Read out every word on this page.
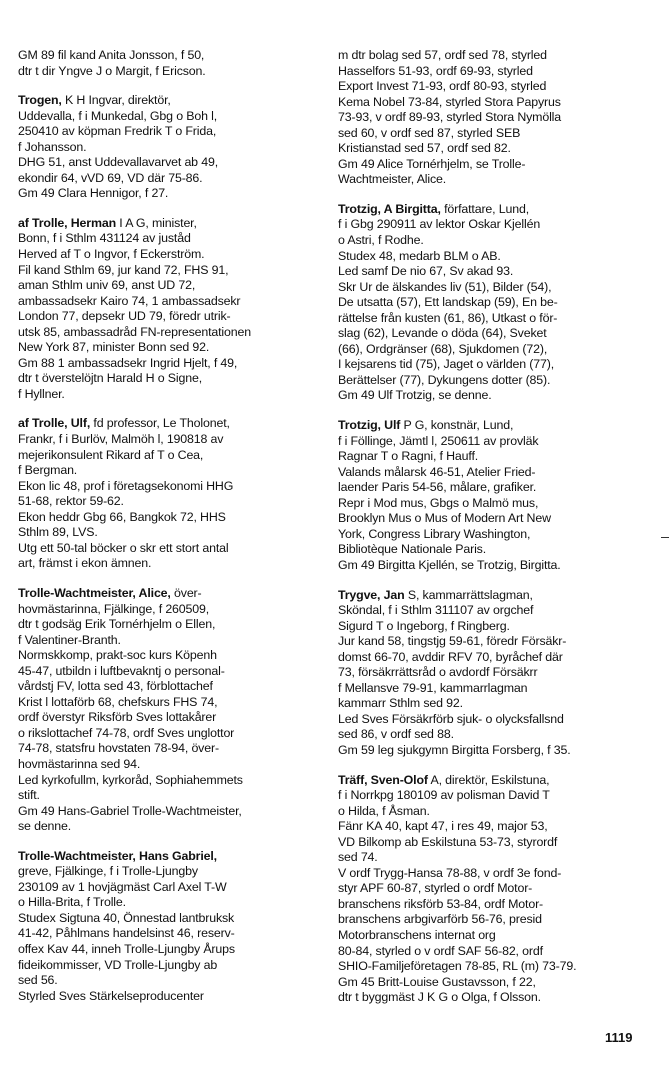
GM 89 fil kand Anita Jonsson, f 50,
dtr t dir Yngve J o Margit, f Ericson.
Trogen, K H Ingvar, direktör,
Uddevalla, f i Munkedal, Gbg o Boh l,
250410 av köpman Fredrik T o Frida,
f Johansson.
DHG 51, anst Uddevallavarvet ab 49,
ekondir 64, vVD 69, VD där 75-86.
Gm 49 Clara Hennigor, f 27.
af Trolle, Herman I A G, minister,
Bonn, f i Sthlm 431124 av juståd
Herved af T o Ingvor, f Eckerström.
Fil kand Sthlm 69, jur kand 72, FHS 91,
aman Sthlm univ 69, anst UD 72,
ambassadsekr Kairo 74, 1 ambassadsekr
London 77, depsekr UD 79, föredr utrik-
utsk 85, ambassadråd FN-representationen
New York 87, minister Bonn sed 92.
Gm 88 1 ambassadsekr Ingrid Hjelt, f 49,
dtr t överstelöjtn Harald H o Signe,
f Hyllner.
af Trolle, Ulf, fd professor, Le Tholonet,
Frankr, f i Burlöv, Malmöh l, 190818 av
mejerikonsulent Rikard af T o Cea,
f Bergman.
Ekon lic 48, prof i företagsekonomi HHG
51-68, rektor 59-62.
Ekon heddr Gbg 66, Bangkok 72, HHS
Sthlm 89, LVS.
Utg ett 50-tal böcker o skr ett stort antal
art, främst i ekon ämnen.
Trolle-Wachtmeister, Alice, över-
hovmästarinna, Fjälkinge, f 260509,
dtr t godsäg Erik Tornérhjelm o Ellen,
f Valentiner-Branth.
Normskkomp, prakt-soc kurs Köpenh
45-47, utbildn i luftbevakntj o personal-
vårdstj FV, lotta sed 43, förblottachef
Krist l lottaförb 68, chefskurs FHS 74,
ordf överstyr Riksförb Sves lottakårer
o rikslottachef 74-78, ordf Sves unglottor
74-78, statsfru hovstaten 78-94, över-
hovmästarinna sed 94.
Led kyrkofullm, kyrkoråd, Sophiahemmets
stift.
Gm 49 Hans-Gabriel Trolle-Wachtmeister,
se denne.
Trolle-Wachtmeister, Hans Gabriel,
greve, Fjälkinge, f i Trolle-Ljungby
230109 av 1 hovjägmäst Carl Axel T-W
o Hilla-Brita, f Trolle.
Studex Sigtuna 40, Önnestad lantbruksk
41-42, Påhlmans handelsinst 46, reserv-
offex Kav 44, inneh Trolle-Ljungby Årups
fideikommisser, VD Trolle-Ljungby ab
sed 56.
Styrled Sves Stärkelseproducenter
m dtr bolag sed 57, ordf sed 78, styrled
Hasselfors 51-93, ordf 69-93, styrled
Export Invest 71-93, ordf 80-93, styrled
Kema Nobel 73-84, styrled Stora Papyrus
73-93, v ordf 89-93, styrled Stora Nymölla
sed 60, v ordf sed 87, styrled SEB
Kristianstad sed 57, ordf sed 82.
Gm 49 Alice Tornérhjelm, se Trolle-
Wachtmeister, Alice.
Trotzig, A Birgitta, författare, Lund,
f i Gbg 290911 av lektor Oskar Kjellén
o Astri, f Rodhe.
Studex 48, medarb BLM o AB.
Led samf De nio 67, Sv akad 93.
Skr Ur de älskandes liv (51), Bilder (54),
De utsatta (57), Ett landskap (59), En be-
rättelse från kusten (61, 86), Utkast o för-
slag (62), Levande o döda (64), Sveket
(66), Ordgränser (68), Sjukdomen (72),
I kejsarens tid (75), Jaget o världen (77),
Berättelser (77), Dykungens dotter (85).
Gm 49 Ulf Trotzig, se denne.
Trotzig, Ulf P G, konstnär, Lund,
f i Föllinge, Jämtl l, 250611 av provläk
Ragnar T o Ragni, f Hauff.
Valands målarsk 46-51, Atelier Fried-
laender Paris 54-56, målare, grafiker.
Repr i Mod mus, Gbgs o Malmö mus,
Brooklyn Mus o Mus of Modern Art New
York, Congress Library Washington,
Bibliotèque Nationale Paris.
Gm 49 Birgitta Kjellén, se Trotzig, Birgitta.
Trygve, Jan S, kammarrättslagman,
Sköndal, f i Sthlm 311107 av orgchef
Sigurd T o Ingeborg, f Ringberg.
Jur kand 58, tingstjg 59-61, föredr Försäkr-
domst 66-70, avddir RFV 70, byråchef där
73, försäkrrättsråd o avdordf Försäkrr
f Mellansve 79-91, kammarrlagman
kammarr Sthlm sed 92.
Led Sves Försäkrförb sjuk- o olycksfallsnd
sed 86, v ordf sed 88.
Gm 59 leg sjukgymn Birgitta Forsberg, f 35.
Träff, Sven-Olof A, direktör, Eskilstuna,
f i Norrkpg 180109 av polisman David T
o Hilda, f Åsman.
Fänr KA 40, kapt 47, i res 49, major 53,
VD Bilkomp ab Eskilstuna 53-73, styrordf
sed 74.
V ordf Trygg-Hansa 78-88, v ordf 3e fond-
styr APF 60-87, styrled o ordf Motor-
branschens riksförb 53-84, ordf Motor-
branschens arbgivarförb 56-76, presid
Motorbranschens internat org
80-84, styrled o v ordf SAF 56-82, ordf
SHIO-Familjeföretagen 78-85, RL (m) 73-79.
Gm 45 Britt-Louise Gustavsson, f 22,
dtr t byggmäst J K G o Olga, f Olsson.
1119
